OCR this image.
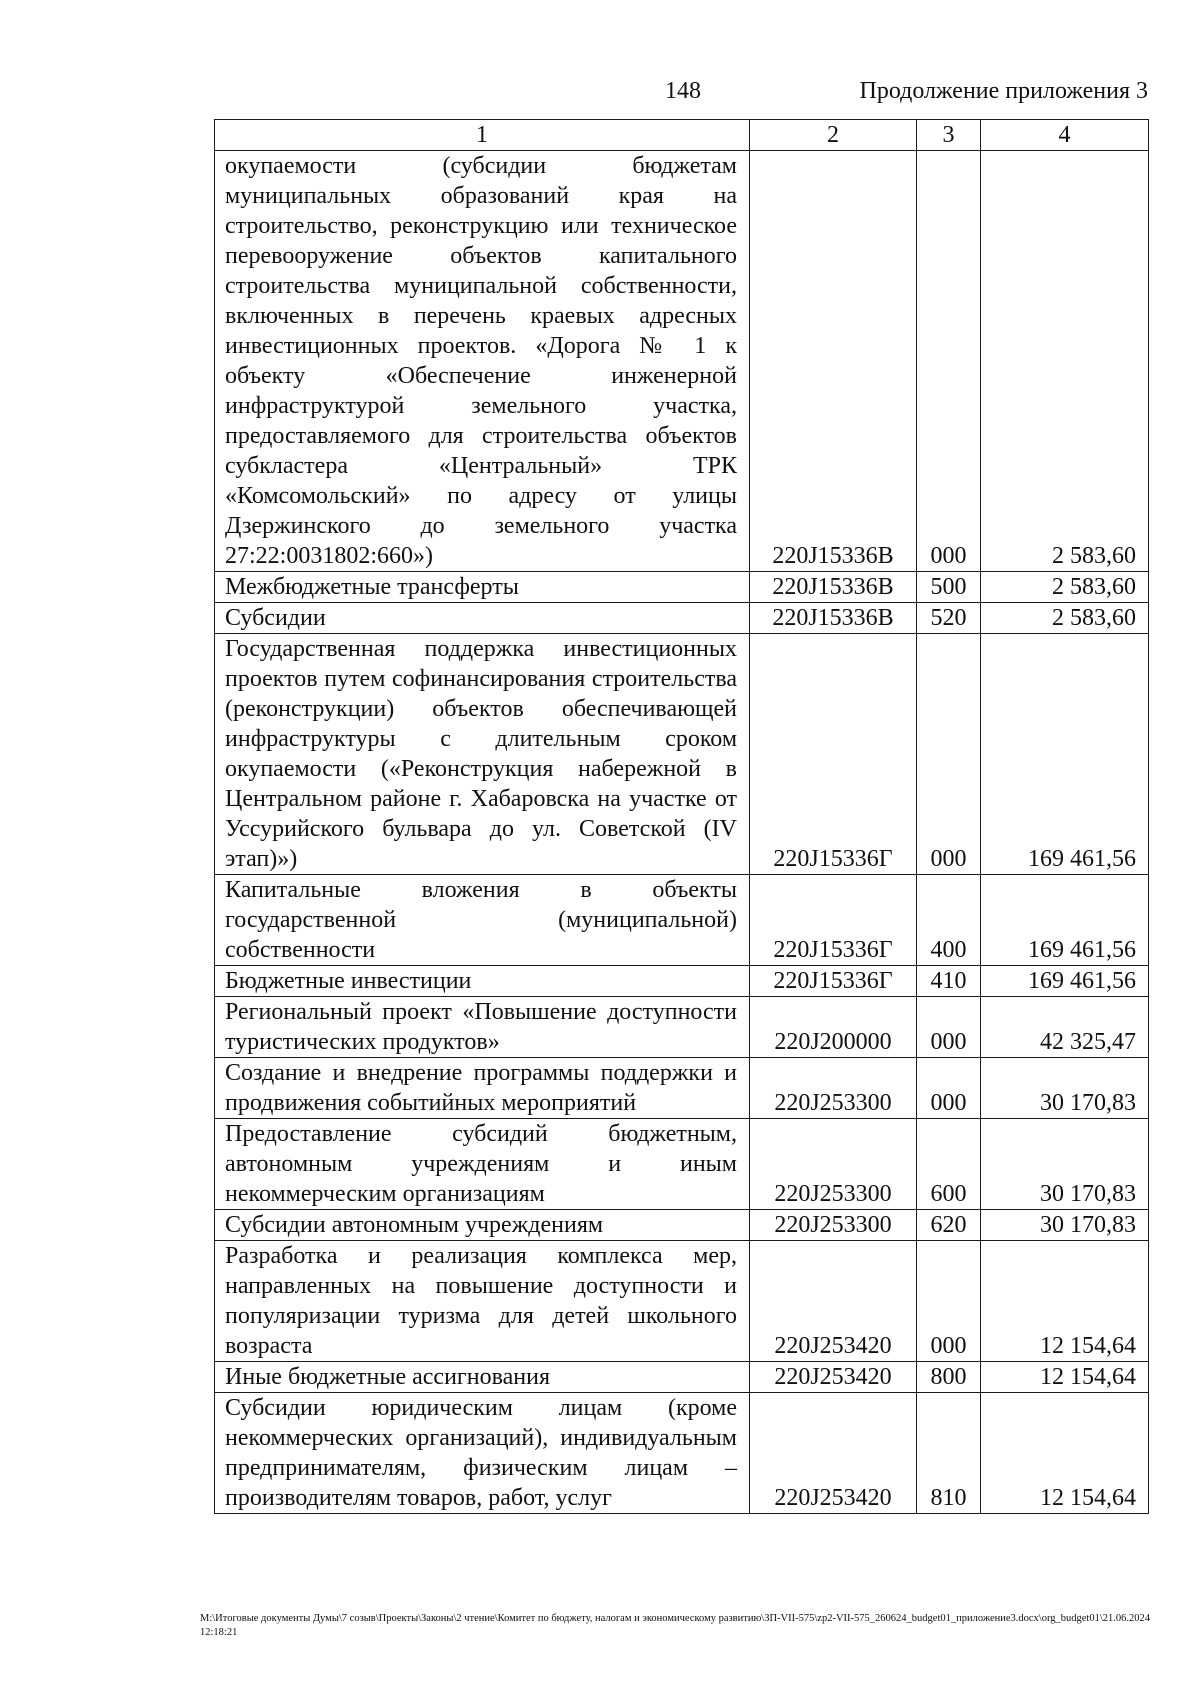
148	Продолжение приложения 3
1	2	3	4
окупаемости (субсидии бюджетам муниципальных образований края на строительство, реконструкцию или техническое перевооружение объектов капитального строительства муниципальной собственности, включенных в перечень краевых адресных инвестиционных проектов. «Дорога № 1 к объекту «Обеспечение инженерной инфраструктурой земельного участка, предоставляемого для строительства объектов субкластера «Центральный» ТРК «Комсомольский» по адресу от улицы Дзержинского до земельного участка 27:22:0031802:660»)	220J15336B	000	2 583,60
Межбюджетные трансферты	220J15336B	500	2 583,60
Субсидии	220J15336B	520	2 583,60
Государственная поддержка инвестиционных проектов путем софинансирования строительства (реконструкции) объектов обеспечивающей инфраструктуры с длительным сроком окупаемости («Реконструкция набережной в Центральном районе г. Хабаровска на участке от Уссурийского бульвара до ул. Советской (IV этап)»)	220J15336Г	000	169 461,56
Капитальные вложения в объекты государственной (муниципальной) собственности	220J15336Г	400	169 461,56
Бюджетные инвестиции	220J15336Г	410	169 461,56
Региональный проект «Повышение доступности туристических продуктов»	220J200000	000	42 325,47
Создание и внедрение программы поддержки и продвижения событийных мероприятий	220J253300	000	30 170,83
Предоставление субсидий бюджетным, автономным учреждениям и иным некоммерческим организациям	220J253300	600	30 170,83
Субсидии автономным учреждениям	220J253300	620	30 170,83
Разработка и реализация комплекса мер, направленных на повышение доступности и популяризации туризма для детей школьного возраста	220J253420	000	12 154,64
Иные бюджетные ассигнования	220J253420	800	12 154,64
Субсидии юридическим лицам (кроме некоммерческих организаций), индивидуальным предпринимателям, физическим лицам – производителям товаров, работ, услуг	220J253420	810	12 154,64
М:\Итоговые документы Думы\7 созыв\Проекты\Законы\2 чтение\Комитет по бюджету, налогам и экономическому развитию\ЗП-VII-575\zp2-VII-575_260624_budget01_приложение3.docx\org_budget01\21.06.2024 12:18:21
